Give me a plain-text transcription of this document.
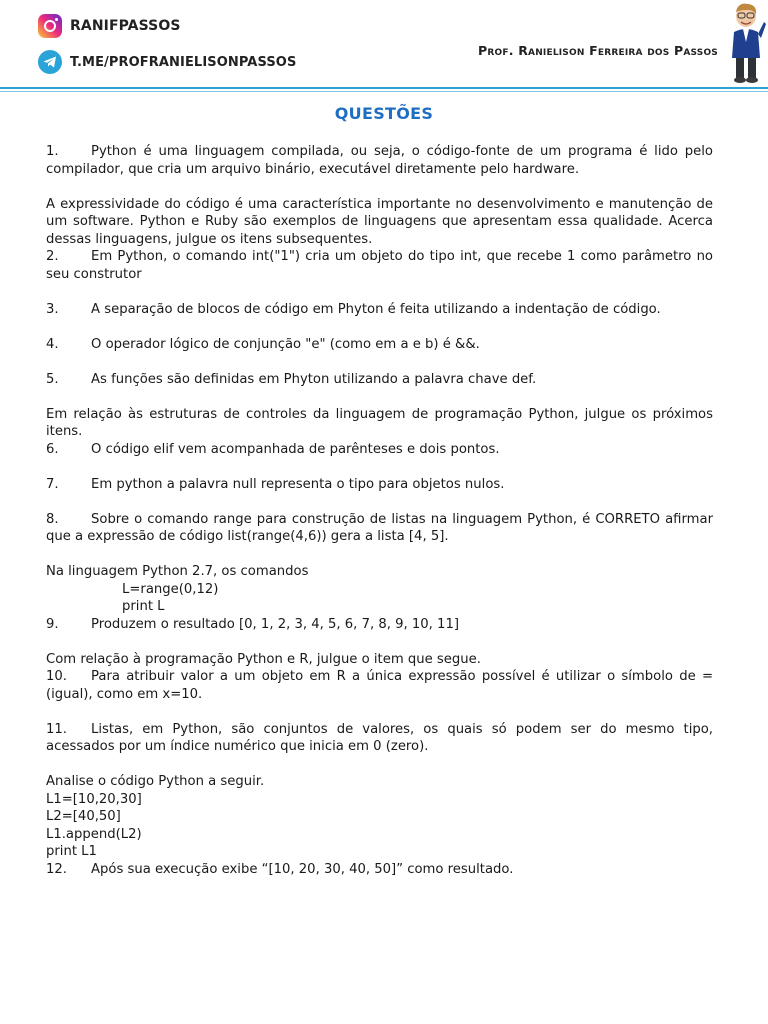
RANIFPASSOS
T.ME/PROFRANIELISONPASSOS
Prof. Ranielison Ferreira dos Passos
QUESTÕES

1. Python é uma linguagem compilada, ou seja, o código-fonte de um programa é lido pelo compilador, que cria um arquivo binário, executável diretamente pelo hardware.

A expressividade do código é uma característica importante no desenvolvimento e manutenção de um software. Python e Ruby são exemplos de linguagens que apresentam essa qualidade. Acerca dessas linguagens, julgue os itens subsequentes.

2. Em Python, o comando int("1") cria um objeto do tipo int, que recebe 1 como parâmetro no seu construtor

3. A separação de blocos de código em Phyton é feita utilizando a indentação de código.

4. O operador lógico de conjunção "e" (como em a e b) é &&.

5. As funções são definidas em Phyton utilizando a palavra chave def.

Em relação às estruturas de controles da linguagem de programação Python, julgue os próximos itens.

6. O código elif vem acompanhada de parênteses e dois pontos.

7. Em python a palavra null representa o tipo para objetos nulos.

8. Sobre o comando range para construção de listas na linguagem Python, é CORRETO afirmar que a expressão de código list(range(4,6)) gera a lista [4, 5].

Na linguagem Python 2.7, os comandos

L=range(0,12)

print L

9. Produzem o resultado [0, 1, 2, 3, 4, 5, 6, 7, 8, 9, 10, 11]

Com relação à programação Python e R, julgue o item que segue.

10. Para atribuir valor a um objeto em R a única expressão possível é utilizar o símbolo de = (igual), como em x=10.

11. Listas, em Python, são conjuntos de valores, os quais só podem ser do mesmo tipo, acessados por um índice numérico que inicia em 0 (zero).

Analise o código Python a seguir.

L1=[10,20,30]

L2=[40,50]

L1.append(L2)

print L1

12. Após sua execução exibe “[10, 20, 30, 40, 50]” como resultado.
